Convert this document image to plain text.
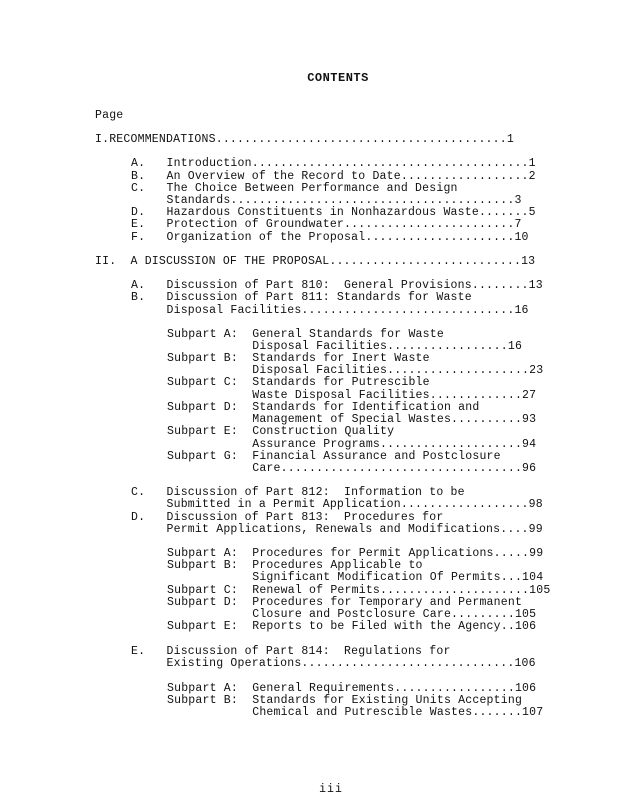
CONTENTS
Page
I.RECOMMENDATIONS.........................................1
A.   Introduction.......................................1
B.   An Overview of the Record to Date..................2
C.   The Choice Between Performance and Design
Standards........................................3
D.   Hazardous Constituents in Nonhazardous Waste.......5
E.   Protection of Groundwater........................7
F.   Organization of the Proposal.....................10
II.  A DISCUSSION OF THE PROPOSAL...........................13
A.   Discussion of Part 810:  General Provisions........13
B.   Discussion of Part 811: Standards for Waste
Disposal Facilities..............................16
Subpart A:  General Standards for Waste
Disposal Facilities.................16
Subpart B:  Standards for Inert Waste
Disposal Facilities....................23
Subpart C:  Standards for Putrescible
Waste Disposal Facilities.............27
Subpart D:  Standards for Identification and
Management of Special Wastes..........93
Subpart E:  Construction Quality
Assurance Programs....................94
Subpart G:  Financial Assurance and Postclosure
Care..................................96
C.   Discussion of Part 812:  Information to be
Submitted in a Permit Application..................98
D.   Discussion of Part 813:  Procedures for
Permit Applications, Renewals and Modifications....99
Subpart A:  Procedures for Permit Applications.....99
Subpart B:  Procedures Applicable to
Significant Modification Of Permits...104
Subpart C:  Renewal of Permits.....................105
Subpart D:  Procedures for Temporary and Permanent
Closure and Postclosure Care.........105
Subpart E:  Reports to be Filed with the Agency..106
E.   Discussion of Part 814:  Regulations for
Existing Operations..............................106
Subpart A:  General Requirements.................106
Subpart B:  Standards for Existing Units Accepting
Chemical and Putrescible Wastes.......107
iii
